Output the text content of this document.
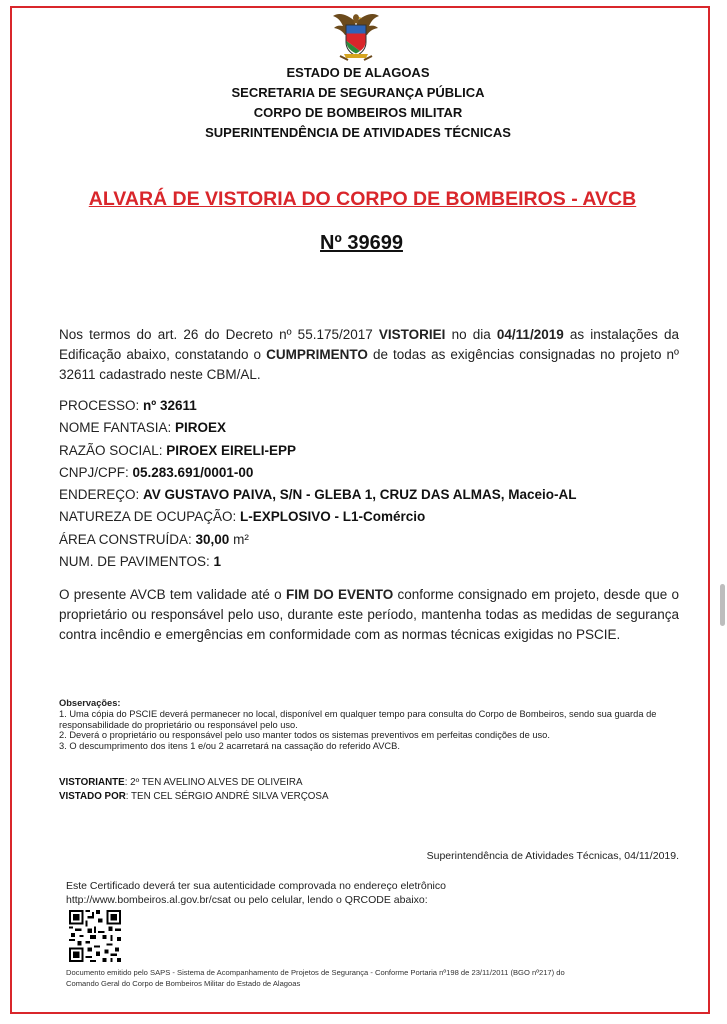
ESTADO DE ALAGOAS
SECRETARIA DE SEGURANÇA PÚBLICA
CORPO DE BOMBEIROS MILITAR
SUPERINTENDÊNCIA DE ATIVIDADES TÉCNICAS
ALVARÁ DE VISTORIA DO CORPO DE BOMBEIROS - AVCB
Nº 39699
Nos termos do art. 26 do Decreto nº 55.175/2017 VISTORIEI no dia 04/11/2019 as instalações da Edificação abaixo, constatando o CUMPRIMENTO de todas as exigências consignadas no projeto nº 32611 cadastrado neste CBM/AL.
PROCESSO: nº 32611
NOME FANTASIA: PIROEX
RAZÃO SOCIAL: PIROEX EIRELI-EPP
CNPJ/CPF: 05.283.691/0001-00
ENDEREÇO: AV GUSTAVO PAIVA, S/N - GLEBA 1, CRUZ DAS ALMAS, Maceio-AL
NATUREZA DE OCUPAÇÃO: L-EXPLOSIVO - L1-Comércio
ÁREA CONSTRUÍDA: 30,00 m²
NUM. DE PAVIMENTOS: 1
O presente AVCB tem validade até o FIM DO EVENTO conforme consignado em projeto, desde que o proprietário ou responsável pelo uso, durante este período, mantenha todas as medidas de segurança contra incêndio e emergências em conformidade com as normas técnicas exigidas no PSCIE.
Observações:
1. Uma cópia do PSCIE deverá permanecer no local, disponível em qualquer tempo para consulta do Corpo de Bombeiros, sendo sua guarda de responsabilidade do proprietário ou responsável pelo uso.
2. Deverá o proprietário ou responsável pelo uso manter todos os sistemas preventivos em perfeitas condições de uso.
3. O descumprimento dos itens 1 e/ou 2 acarretará na cassação do referido AVCB.
VISTORIANTE: 2º TEN AVELINO ALVES DE OLIVEIRA
VISTADO POR: TEN CEL SÉRGIO ANDRÉ SILVA VERÇOSA
Superintendência de Atividades Técnicas, 04/11/2019.
Este Certificado deverá ter sua autenticidade comprovada no endereço eletrônico
http://www.bombeiros.al.gov.br/csat ou pelo celular, lendo o QRCODE abaixo:
Documento emitido pelo SAPS - Sistema de Acompanhamento de Projetos de Segurança - Conforme Portaria nº198 de 23/11/2011 (BGO nº217) do
Comando Geral do Corpo de Bombeiros Militar do Estado de Alagoas
